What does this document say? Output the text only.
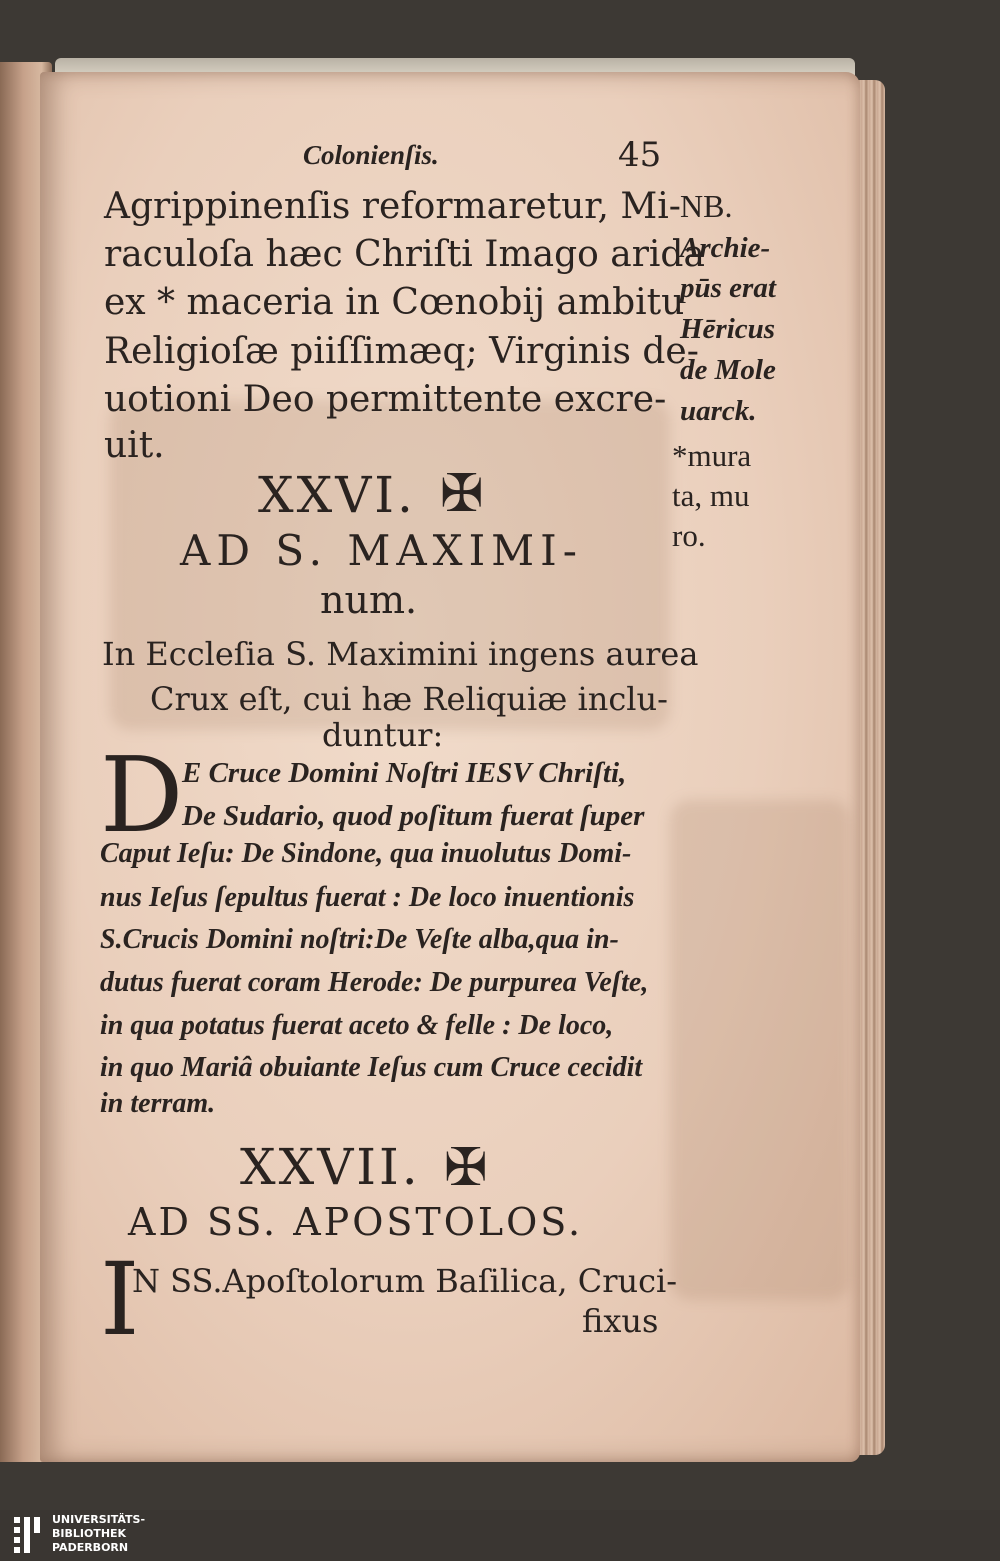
Colonienſis.	45
Agrippinenſis reformaretur, Mi-
raculoſa hæc Chriſti Imago arida
ex * maceria in Cœnobij ambitu
Religioſæ piiſſimæq; Virginis de-
uotioni Deo permittente excre-
uit.
NB.
Archie-
pūs erat
Hēricus
de Mole
uarck.
*mura
ta, mu
ro.
XXVI. ✠
AD S. MAXIMI-
num.
In Eccleſia S. Maximini ingens aurea
Crux eſt, cui hæ Reliquiæ inclu-
duntur:
D
E Cruce Domini Noſtri IESV Chriſti,
De Sudario, quod poſitum fuerat ſuper
Caput Ieſu: De Sindone, qua inuolutus Domi-
nus Ieſus ſepultus fuerat : De loco inuentionis
S.Crucis Domini noſtri:De Veſte alba,qua in-
dutus fuerat coram Herode: De purpurea Veſte,
in qua potatus fuerat aceto & felle : De loco,
in quo Mariâ obuiante Ieſus cum Cruce cecidit
in terram.
XXVII. ✠
AD SS. APOSTOLOS.
I
N SS.Apoſtolorum Baſilica, Cruci-
fixus
UNIVERSITÄTS-
BIBLIOTHEK
PADERBORN
